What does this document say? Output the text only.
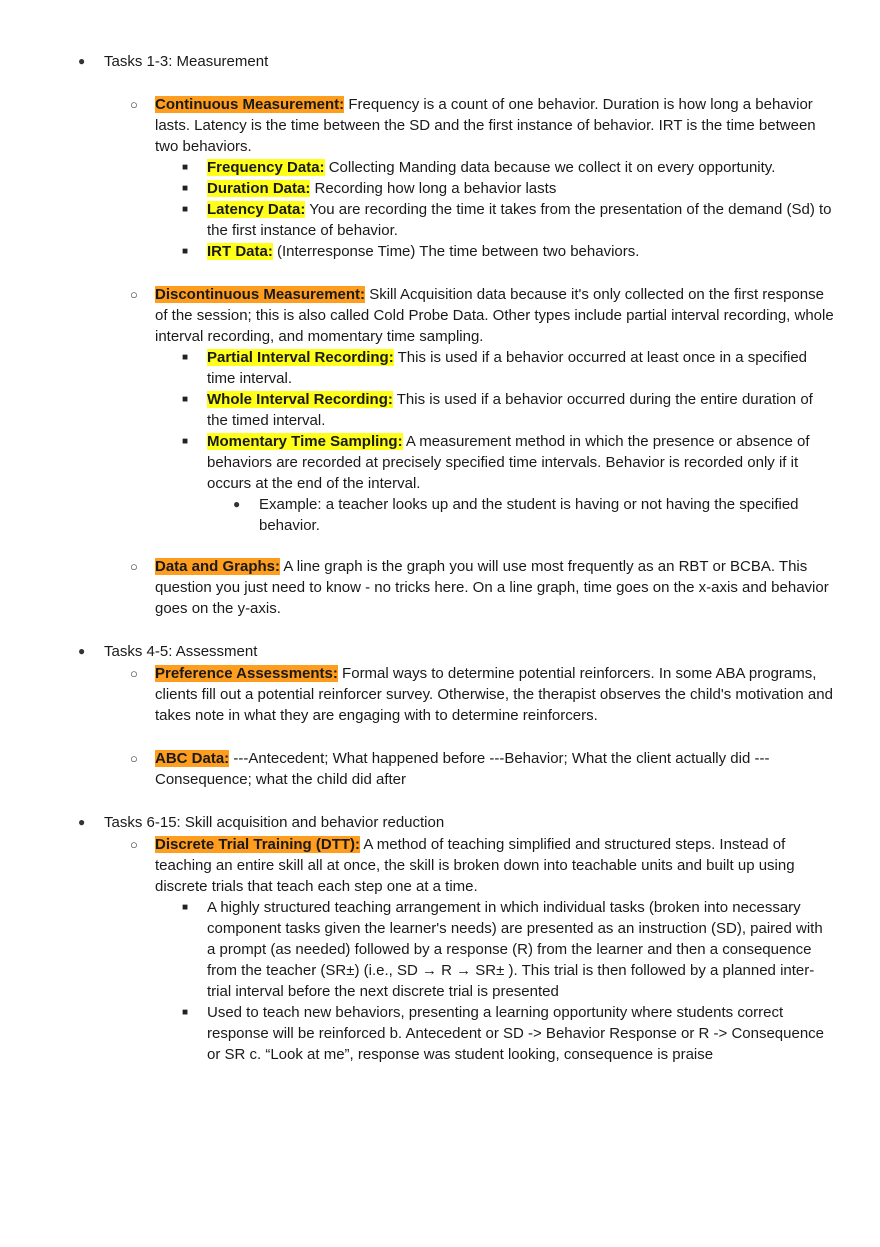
●	Tasks 1-3: Measurement
○ Continuous Measurement: Frequency is a count of one behavior. Duration is how long a behavior lasts. Latency is the time between the SD and the first instance of behavior. IRT is the time between two behaviors.
■ Frequency Data: Collecting Manding data because we collect it on every opportunity.
■ Duration Data: Recording how long a behavior lasts
■ Latency Data: You are recording the time it takes from the presentation of the demand (Sd) to the first instance of behavior.
■ IRT Data: (Interresponse Time) The time between two behaviors.
○ Discontinuous Measurement: Skill Acquisition data because it's only collected on the first response of the session; this is also called Cold Probe Data. Other types include partial interval recording, whole interval recording, and momentary time sampling.
■ Partial Interval Recording: This is used if a behavior occurred at least once in a specified time interval.
■ Whole Interval Recording: This is used if a behavior occurred during the entire duration of the timed interval.
■ Momentary Time Sampling: A measurement method in which the presence or absence of behaviors are recorded at precisely specified time intervals. Behavior is recorded only if it occurs at the end of the interval.
● Example: a teacher looks up and the student is having or not having the specified behavior.
○ Data and Graphs: A line graph is the graph you will use most frequently as an RBT or BCBA. This question you just need to know - no tricks here. On a line graph, time goes on the x-axis and behavior goes on the y-axis.
●	Tasks 4-5: Assessment
○ Preference Assessments: Formal ways to determine potential reinforcers. In some ABA programs, clients fill out a potential reinforcer survey. Otherwise, the therapist observes the child's motivation and takes note in what they are engaging with to determine reinforcers.
○ ABC Data: ---Antecedent; What happened before ---Behavior; What the client actually did ---Consequence; what the child did after
●	Tasks 6-15: Skill acquisition and behavior reduction
○ Discrete Trial Training (DTT): A method of teaching simplified and structured steps. Instead of teaching an entire skill all at once, the skill is broken down into teachable units and built up using discrete trials that teach each step one at a time.
■ A highly structured teaching arrangement in which individual tasks (broken into necessary component tasks given the learner's needs) are presented as an instruction (SD), paired with a prompt (as needed) followed by a response (R) from the learner and then a consequence from the teacher (SR±) (i.e., SD → R → SR± ). This trial is then followed by a planned inter-trial interval before the next discrete trial is presented
■ Used to teach new behaviors, presenting a learning opportunity where students correct response will be reinforced b. Antecedent or SD -> Behavior Response or R -> Consequence or SR c. “Look at me”, response was student looking, consequence is praise
